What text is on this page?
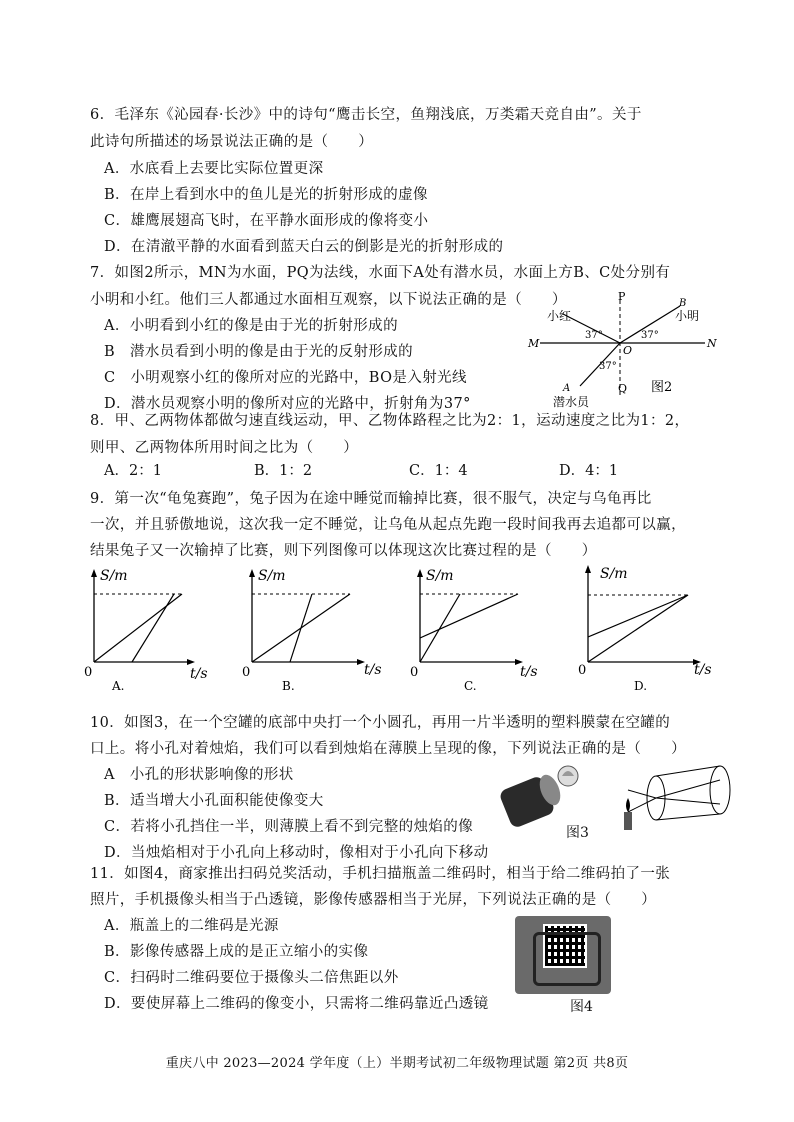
6．毛泽东《沁园春·长沙》中的诗句“鹰击长空，鱼翔浅底，万类霜天竞自由”。关于
此诗句所描述的场景说法正确的是（　　）
A．水底看上去要比实际位置更深
B．在岸上看到水中的鱼儿是光的折射形成的虚像
C．雄鹰展翅高飞时，在平静水面形成的像将变小
D．在清澈平静的水面看到蓝天白云的倒影是光的折射形成的
7．如图2所示，MN为水面，PQ为法线，水面下A处有潜水员，水面上方B、C处分别有
小明和小红。他们三人都通过水面相互观察，以下说法正确的是（　　）
A．小明看到小红的像是由于光的折射形成的
B　潜水员看到小明的像是由于光的反射形成的
C　小明观察小红的像所对应的光路中，BO是入射光线
D．潜水员观察小明的像所对应的光路中，折射角为37°
P
Q
M	N
O
B
A
小红	小明
37°	37°
37°
潜水员
图2
8．甲、乙两物体都做匀速直线运动，甲、乙物体路程之比为2：1，运动速度之比为1：2，
则甲、乙两物体所用时间之比为（　　）
A．2：1	B．1：2	C．1：4	D．4：1
9．第一次“龟兔赛跑”，兔子因为在途中睡觉而输掉比赛，很不服气，决定与乌龟再比
一次，并且骄傲地说，这次我一定不睡觉，让乌龟从起点先跑一段时间我再去追都可以赢，
结果兔子又一次输掉了比赛，则下列图像可以体现这次比赛过程的是（　　）
S/m
0	t/s
A.
S/m
0	t/s
B.
S/m
0	t/s
C.
S/m
0	t/s
D.
10．如图3，在一个空罐的底部中央打一个小圆孔，再用一片半透明的塑料膜蒙在空罐的
口上。将小孔对着烛焰，我们可以看到烛焰在薄膜上呈现的像，下列说法正确的是（　　）
A　小孔的形状影响像的形状
B．适当增大小孔面积能使像变大
C．若将小孔挡住一半，则薄膜上看不到完整的烛焰的像
D．当烛焰相对于小孔向上移动时，像相对于小孔向下移动
图3
11．如图4，商家推出扫码兑奖活动，手机扫描瓶盖二维码时，相当于给二维码拍了一张
照片，手机摄像头相当于凸透镜，影像传感器相当于光屏，下列说法正确的是（　　）
A．瓶盖上的二维码是光源
B．影像传感器上成的是正立缩小的实像
C．扫码时二维码要位于摄像头二倍焦距以外
D．要使屏幕上二维码的像变小，只需将二维码靠近凸透镜	图4
重庆八中 2023—2024 学年度（上）半期考试初二年级物理试题 第2页 共8页
